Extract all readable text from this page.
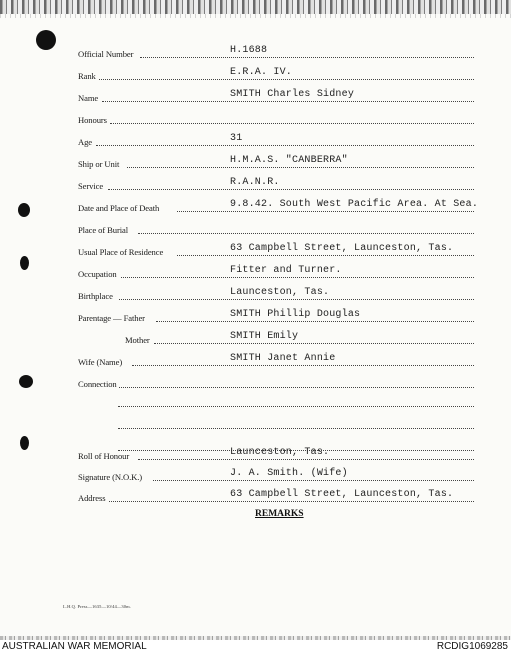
Official Number	H.1688
Rank	E.R.A. IV.
Name	SMITH Charles Sidney
Honours
Age	31
Ship or Unit	H.M.A.S. "CANBERRA"
Service	R.A.N.R.
Date and Place of Death	9.8.42. South West Pacific Area. At Sea.
Place of Burial
Usual Place of Residence	63 Campbell Street, Launceston, Tas.
Occupation	Fitter and Turner.
Birthplace	Launceston, Tas.
Parentage — Father	SMITH Phillip Douglas
Mother	SMITH Emily
Wife (Name)	SMITH Janet Annie
Connection
Roll of Honour	Launceston, Tas.
Signature (N.O.K.)	J. A. Smith. (Wife)
Address	63 Campbell Street, Launceston, Tas.
REMARKS
L.H.Q. Press—1635—10/44—30m.
AUSTRALIAN WAR MEMORIAL	RCDIG1069285
